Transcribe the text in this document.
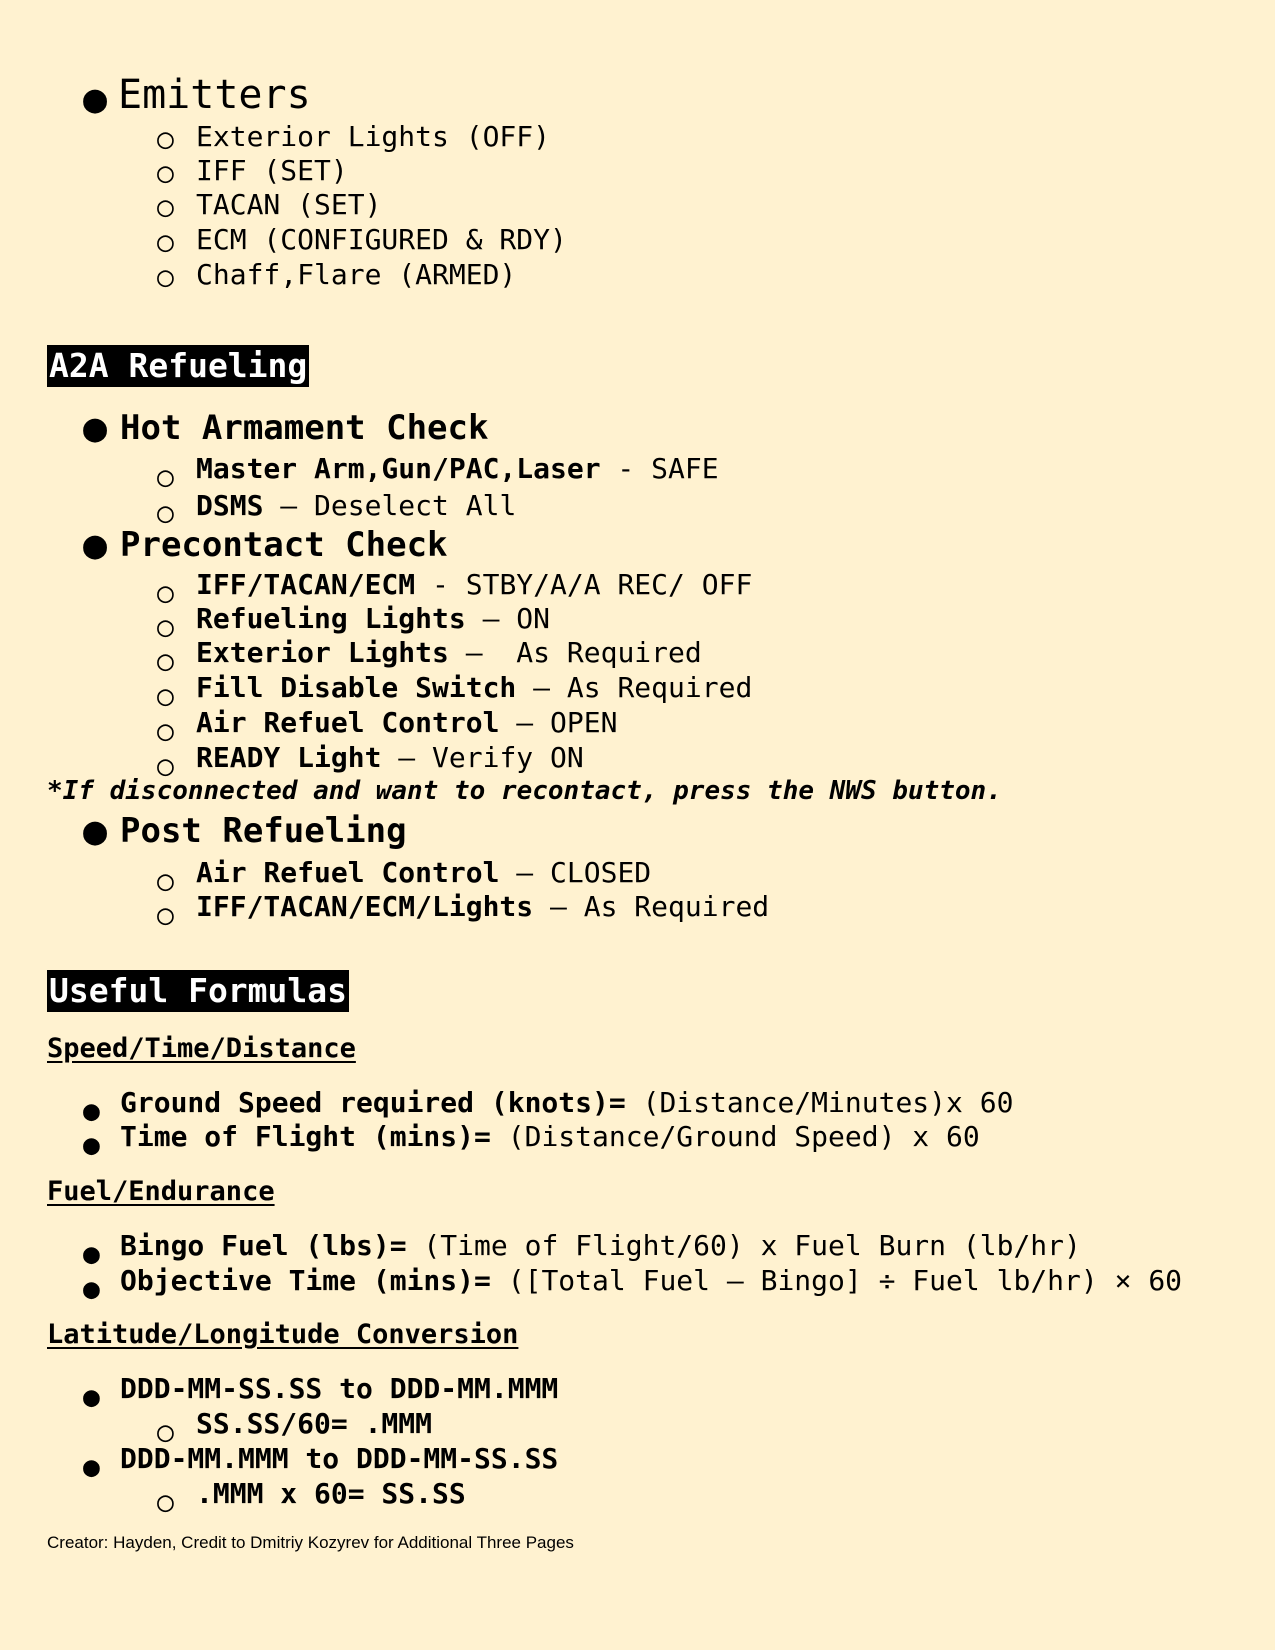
● Emitters
○ Exterior Lights (OFF)
○ IFF (SET)
○ TACAN (SET)
○ ECM (CONFIGURED & RDY)
○ Chaff,Flare (ARMED)
A2A Refueling
● Hot Armament Check
○ Master Arm,Gun/PAC,Laser - SAFE
○ DSMS – Deselect All
● Precontact Check
○ IFF/TACAN/ECM - STBY/A/A REC/ OFF
○ Refueling Lights – ON
○ Exterior Lights –  As Required
○ Fill Disable Switch – As Required
○ Air Refuel Control – OPEN
○ READY Light – Verify ON
*If disconnected and want to recontact, press the NWS button.
● Post Refueling
○ Air Refuel Control – CLOSED
○ IFF/TACAN/ECM/Lights – As Required
Useful Formulas
Speed/Time/Distance
● Ground Speed required (knots)= (Distance/Minutes)x 60
● Time of Flight (mins)= (Distance/Ground Speed) x 60
Fuel/Endurance
● Bingo Fuel (lbs)= (Time of Flight/60) x Fuel Burn (lb/hr)
● Objective Time (mins)= ([Total Fuel – Bingo] ÷ Fuel lb/hr) × 60
Latitude/Longitude Conversion
● DDD-MM-SS.SS to DDD-MM.MMM
○ SS.SS/60= .MMM
● DDD-MM.MMM to DDD-MM-SS.SS
○ .MMM x 60= SS.SS
Creator: Hayden, Credit to Dmitriy Kozyrev for Additional Three Pages
